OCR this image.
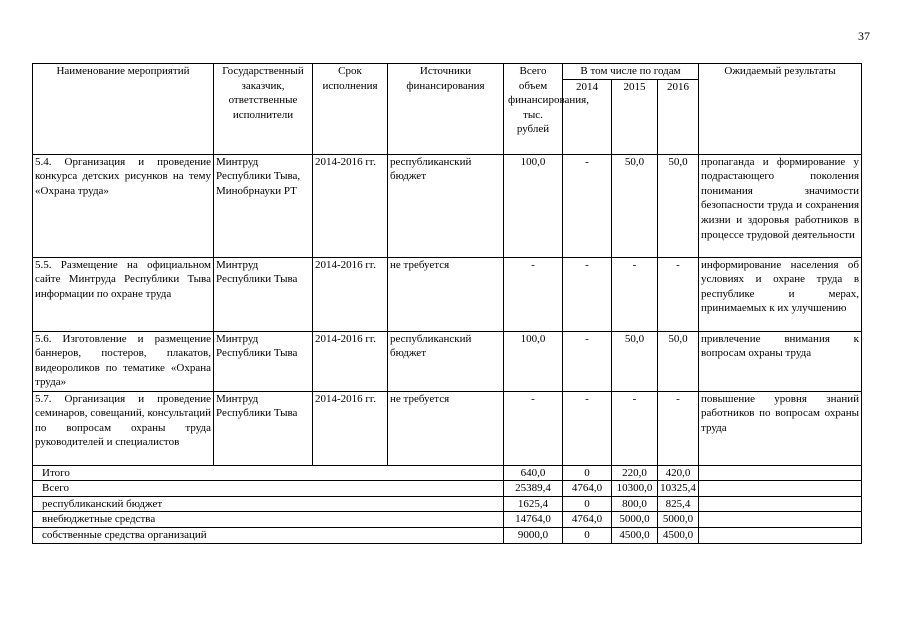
37
Наименование мероприятий	Государственный заказчик, ответственные исполнители	Срок исполнения	Источники финансирования	Всего объем финансирования, тыс. рублей	В том числе по годам			Ожидаемый результаты
					2014	2015	2016	
5.4. Организация и проведение конкурса детских рисунков на тему «Охрана труда»	Минтруд Республики Тыва, Минобрнауки РТ	2014-2016 гг.	республиканский бюджет	100,0	-	50,0	50,0	пропаганда и формирование у подрастающего поколения понимания значимости безопасности труда и сохранения жизни и здоровья работников в процессе трудовой деятельности
5.5. Размещение на официальном сайте Минтруда Республики Тыва информации по охране труда	Минтруд Республики Тыва	2014-2016 гг.	не требуется	-	-	-	-	информирование населения об условиях и охране труда в республике и мерах, принимаемых к их улучшению
5.6. Изготовление и размещение баннеров, постеров, плакатов, видеороликов по тематике «Охрана труда»	Минтруд Республики Тыва	2014-2016 гг.	республиканский бюджет	100,0	-	50,0	50,0	привлечение внимания к вопросам охраны труда
5.7. Организация и проведение семинаров, совещаний, консультаций по вопросам охраны труда руководителей и специалистов	Минтруд Республики Тыва	2014-2016 гг.	не требуется	-	-	-	-	повышение уровня знаний работников по вопросам охраны труда
Итого				640,0	0	220,0	420,0	
Всего				25389,4	4764,0	10300,0	10325,4	
республиканский бюджет				1625,4	0	800,0	825,4	
внебюджетные средства				14764,0	4764,0	5000,0	5000,0	
собственные средства организаций				9000,0	0	4500,0	4500,0	
